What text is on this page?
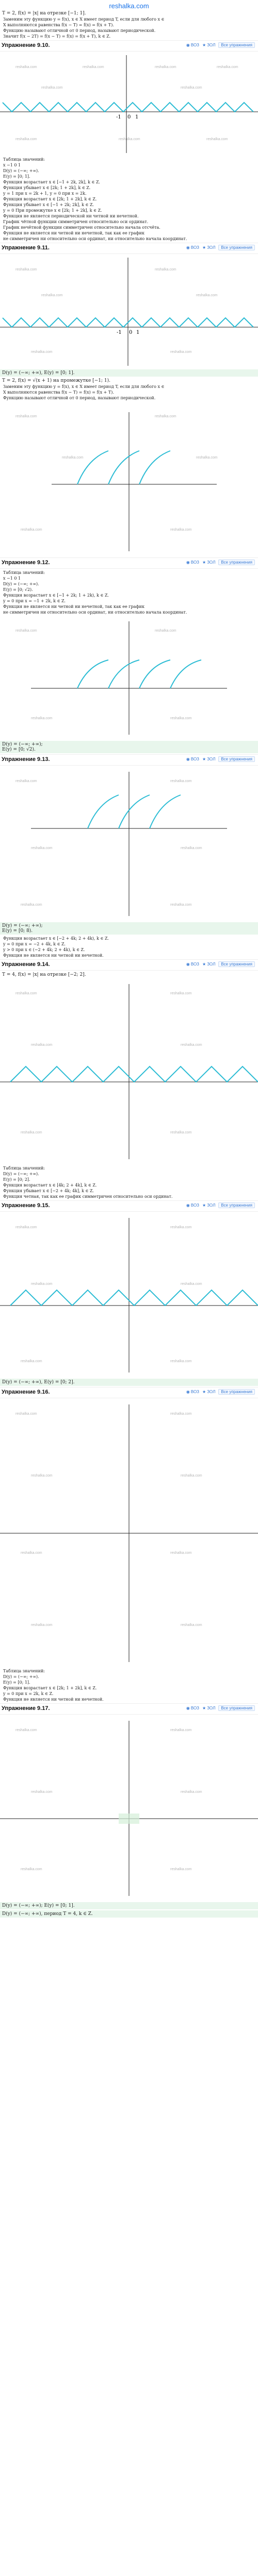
reshalka.com
T = 2, f(x) = |x| на отрезке [−1; 1].
Заменим эту функцию y = f(x), x ∈ X имеет период T, если для любого x ∈
X выполняются равенства f(x − T) = f(x) = f(x + T).
Функцию называют отличной от 0 период, называют периодической.
Значит f(x − 2T) = f(x − T) = f(x) = f(x + T), k ∈ Z.
Упражнение 9.10.	◉ ВОЗ ★ ЗОЛ	Все упражнения
reshalka.com	reshalka.com	reshalka.com	reshalka.com
reshalka.com	reshalka.com
reshalka.com	reshalka.com	reshalka.com
-1 0 1
Таблица значений:
x −1 0 1
D(y) = (−∞; +∞).
E(y) = [0; 1].
Функция возрастает x ∈ [−1 + 2k, 2k], k ∈ Z.
Функция убывает x ∈ [2k; 1 + 2k], k ∈ Z.
y = 1 при x = 2k + 1, y = 0 при x = 2k.
Функция возрастает x ∈ [2k; 1 + 2k], k ∈ Z.
Функция убывает x ∈ [−1 + 2k; 2k], k ∈ Z.
y = 0 При промежутке x ∈ [2k; 1 + 2k], k ∈ Z.
Функция не является периодической ни четной ни нечетной.
График чётной функции симметричен относительно оси ординат.
График нечётной функции симметричен относительно начала отсчёта.
Функция не является ни четной ни нечетной, так как ее график
не симметричен ни относительно оси ординат, ни относительно начала координат.
Упражнение 9.11.	◉ ВОЗ ★ ЗОЛ	Все упражнения
reshalka.com	reshalka.com
reshalka.com	reshalka.com
reshalka.com	reshalka.com
-1 0 1
D(y) = (−∞; +∞), E(y) = [0; 1].
T = 2, f(x) = √(x + 1) на промежутке [−1; 1).
Заменим эту функцию y = f(x), x ∈ X имеет период T, если для любого x ∈
X выполняются равенства f(x − T) = f(x) = f(x + T).
Функцию называют отличной от 0 период, называют периодической.
reshalka.com	reshalka.com
reshalka.com	reshalka.com
reshalka.com	reshalka.com
Упражнение 9.12.	◉ ВОЗ ★ ЗОЛ	Все упражнения
Таблица значений:
x −1 0 1
D(y) = (−∞; +∞).
E(y) = [0; √2).
Функция возрастает x ∈ [−1 + 2k; 1 + 2k), k ∈ Z.
y = 0 при x = −1 + 2k, k ∈ Z.
Функция не является ни четной ни нечетной, так как ее график
не симметричен ни относительно оси ординат, ни относительно начала координат.
reshalka.com	reshalka.com
reshalka.com	reshalka.com
D(y) = (−∞; +∞);
E(y) = [0; √2).
Упражнение 9.13.	◉ ВОЗ ★ ЗОЛ	Все упражнения
reshalka.com	reshalka.com
reshalka.com	reshalka.com
reshalka.com	reshalka.com
D(y) = (−∞; +∞);
E(y) = [0; 8).
Функция возрастает x ∈ [−2 + 4k; 2 + 4k), k ∈ Z.
y = 0 при x = −2 + 4k, k ∈ Z.
y > 0 при x ∈ (−2 + 4k; 2 + 4k), k ∈ Z.
Функция не является ни четной ни нечетной.
Упражнение 9.14.	◉ ВОЗ ★ ЗОЛ	Все упражнения
T = 4, f(x) = |x| на отрезке [−2; 2].
reshalka.com	reshalka.com
reshalka.com	reshalka.com
reshalka.com	reshalka.com
Таблица значений:
D(y) = (−∞; +∞).
E(y) = [0; 2].
Функция возрастает x ∈ [4k; 2 + 4k], k ∈ Z.
Функция убывает x ∈ [−2 + 4k; 4k], k ∈ Z.
Функция четная, так как ее график симметричен относительно оси ординат.
Упражнение 9.15.	◉ ВОЗ ★ ЗОЛ	Все упражнения
reshalka.com	reshalka.com
reshalka.com	reshalka.com
reshalka.com	reshalka.com
D(y) = (−∞; +∞), E(y) = [0; 2].
Упражнение 9.16.	◉ ВОЗ ★ ЗОЛ	Все упражнения
reshalka.com	reshalka.com
reshalka.com	reshalka.com
reshalka.com	reshalka.com
reshalka.com	reshalka.com
Таблица значений:
D(y) = (−∞; +∞).
E(y) = [0; 1].
Функция возрастает x ∈ [2k; 1 + 2k], k ∈ Z.
y = 0 при x = 2k, k ∈ Z.
Функция не является ни четной ни нечетной.
Упражнение 9.17.	◉ ВОЗ ★ ЗОЛ	Все упражнения
reshalka.com	reshalka.com
reshalka.com	reshalka.com
reshalka.com	reshalka.com
D(y) = (−∞; +∞); E(y) = [0; 1].
D(y) = (−∞; +∞), период T = 4, k ∈ Z.
